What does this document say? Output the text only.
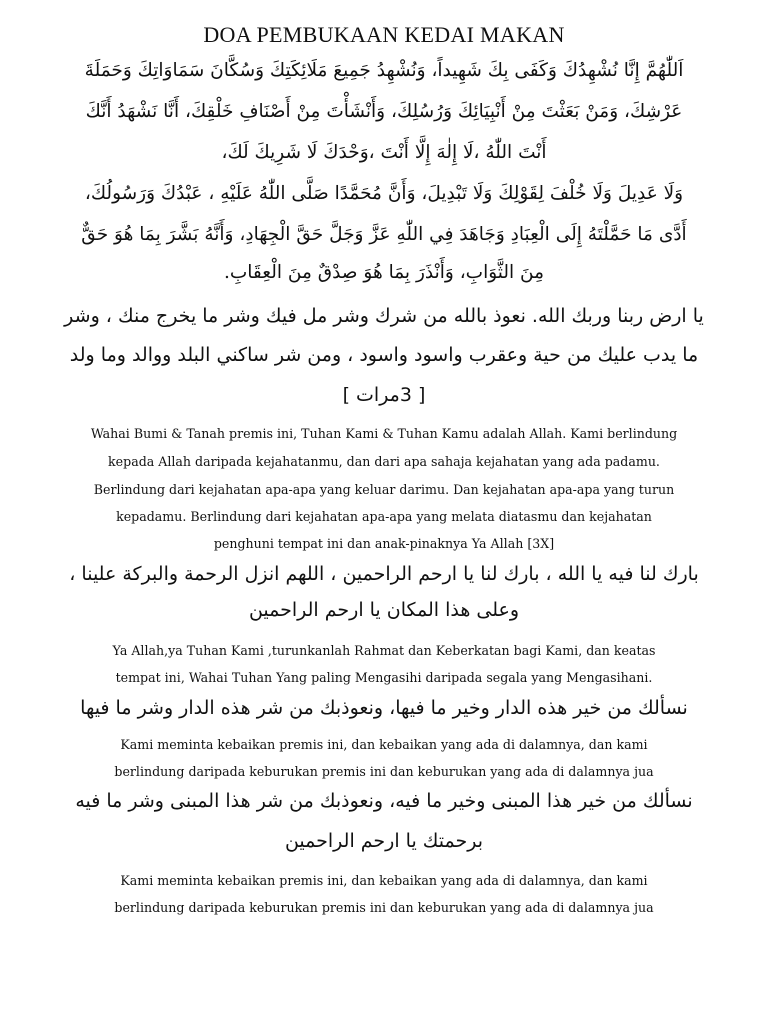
DOA PEMBUKAAN KEDAI MAKAN

اَللّٰهُمَّ إِنَّا نُشْهِدُكَ وَكَفَى بِكَ شَهِيداً، وَنُشْهِدُ جَمِيعَ مَلَائِكَتِكَ وَسُكَّانَ سَمَاوَاتِكَ وَحَمَلَةَ

عَرْشِكَ، وَمَنْ بَعَثْتَ مِنْ أَنْبِيَائِكَ وَرُسُلِكَ، وَأَنْشَأْتَ مِنْ أَصْنَافِ خَلْقِكَ، أَنَّا نَشْهَدُ أَنَّكَ

أَنْتَ اللّٰهُ ،لَا إِلٰهَ إِلَّا أَنْتَ ،وَحْدَكَ لَا شَرِيكَ لَكَ،

وَلَا عَدِيلَ وَلَا خُلْفَ لِقَوْلِكَ وَلَا تَبْدِيلَ، وَأَنَّ مُحَمَّدًا صَلَّى اللّٰهُ عَلَيْهِ ، عَبْدُكَ وَرَسُولُكَ،

أَدَّى مَا حَمَّلْتَهُ إِلَى الْعِبَادِ وَجَاهَدَ فِي اللّٰهِ عَزَّ وَجَلَّ حَقَّ الْجِهَادِ، وَأَنَّهُ بَشَّرَ بِمَا هُوَ حَقٌّ

مِنَ الثَّوَابِ، وَأَنْذَرَ بِمَا هُوَ صِدْقٌ مِنَ الْعِقَابِ.

يا ارض ربنا وربك الله. نعوذ بالله من شرك وشر مل فيك وشر ما يخرج منك ، وشر

ما يدب عليك من حية وعقرب واسود واسود ، ومن شر ساكني البلد ووالد وما ولد

[ 3مرات ]

Wahai Bumi & Tanah premis ini, Tuhan Kami & Tuhan Kamu adalah Allah. Kami berlindung

kepada Allah daripada kejahatanmu, dan dari apa sahaja kejahatan yang ada padamu.

Berlindung dari kejahatan apa-apa yang keluar darimu. Dan kejahatan apa-apa yang turun

kepadamu. Berlindung dari kejahatan apa-apa yang melata diatasmu dan kejahatan

penghuni tempat ini dan anak-pinaknya Ya Allah [3X]

بارك لنا فيه يا الله ، بارك لنا يا ارحم الراحمين ، اللهم انزل الرحمة والبركة علينا ،

وعلى هذا المكان يا ارحم الراحمين

Ya Allah,ya Tuhan Kami ,turunkanlah Rahmat dan Keberkatan bagi Kami, dan keatas

tempat ini, Wahai Tuhan Yang paling Mengasihi daripada segala yang Mengasihani.

نسألك من خير هذه الدار وخير ما فيها، ونعوذبك من شر هذه الدار وشر ما فيها

Kami meminta kebaikan premis ini, dan kebaikan yang ada di dalamnya, dan kami

berlindung daripada keburukan premis ini dan keburukan yang ada di dalamnya jua

نسألك من خير هذا المبنى وخير ما فيه، ونعوذبك من شر هذا المبنى وشر ما فيه

برحمتك يا ارحم الراحمين

Kami meminta kebaikan premis ini, dan kebaikan yang ada di dalamnya, dan kami

berlindung daripada keburukan premis ini dan keburukan yang ada di dalamnya jua
